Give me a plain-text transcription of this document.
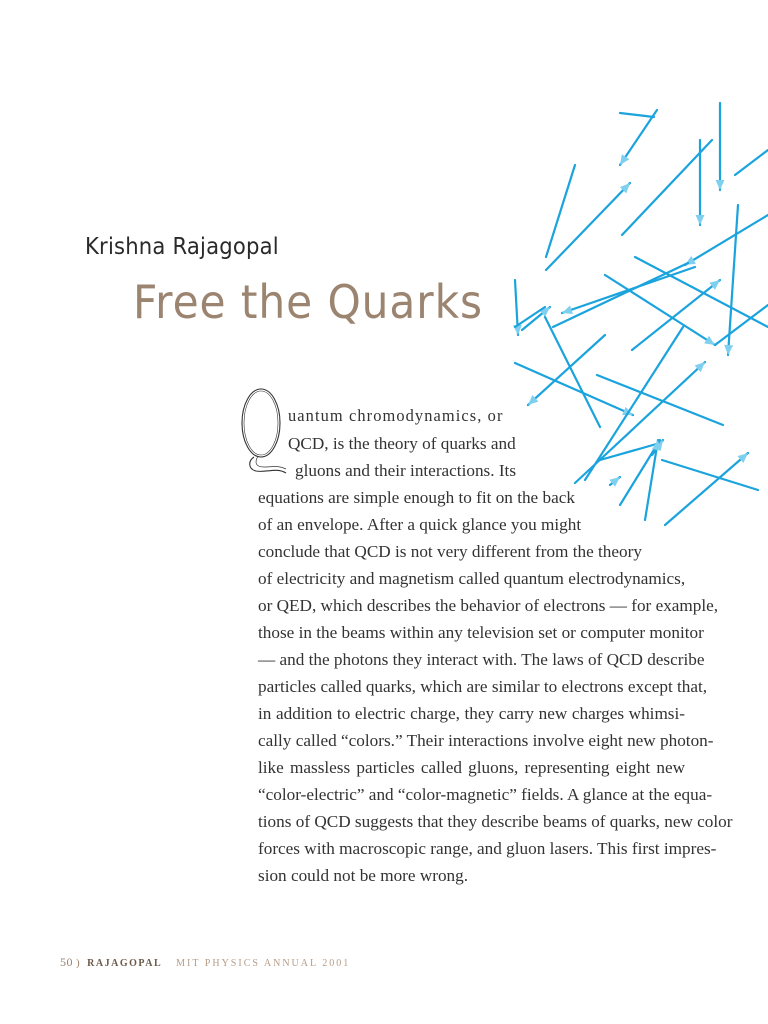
Krishna Rajagopal
Free the Quarks
uantum chromodynamics, or
QCD, is the theory of quarks and
gluons and their interactions. Its
equations are simple enough to fit on the back
of an envelope. After a quick glance you might
conclude that QCD is not very different from the theory
of electricity and magnetism called quantum electrodynamics,
or QED, which describes the behavior of electrons — for example,
those in the beams within any television set or computer monitor
— and the photons they interact with. The laws of QCD describe
particles called quarks, which are similar to electrons except that,
in addition to electric charge, they carry new charges whimsi-
cally called “colors.” Their interactions involve eight new photon-
like massless particles called gluons, representing eight new
“color-electric” and “color-magnetic” fields. A glance at the equa-
tions of QCD suggests that they describe beams of quarks, new color
forces with macroscopic range, and gluon lasers. This first impres-
sion could not be more wrong.
50 ) RAJAGOPAL MIT PHYSICS ANNUAL 2001
